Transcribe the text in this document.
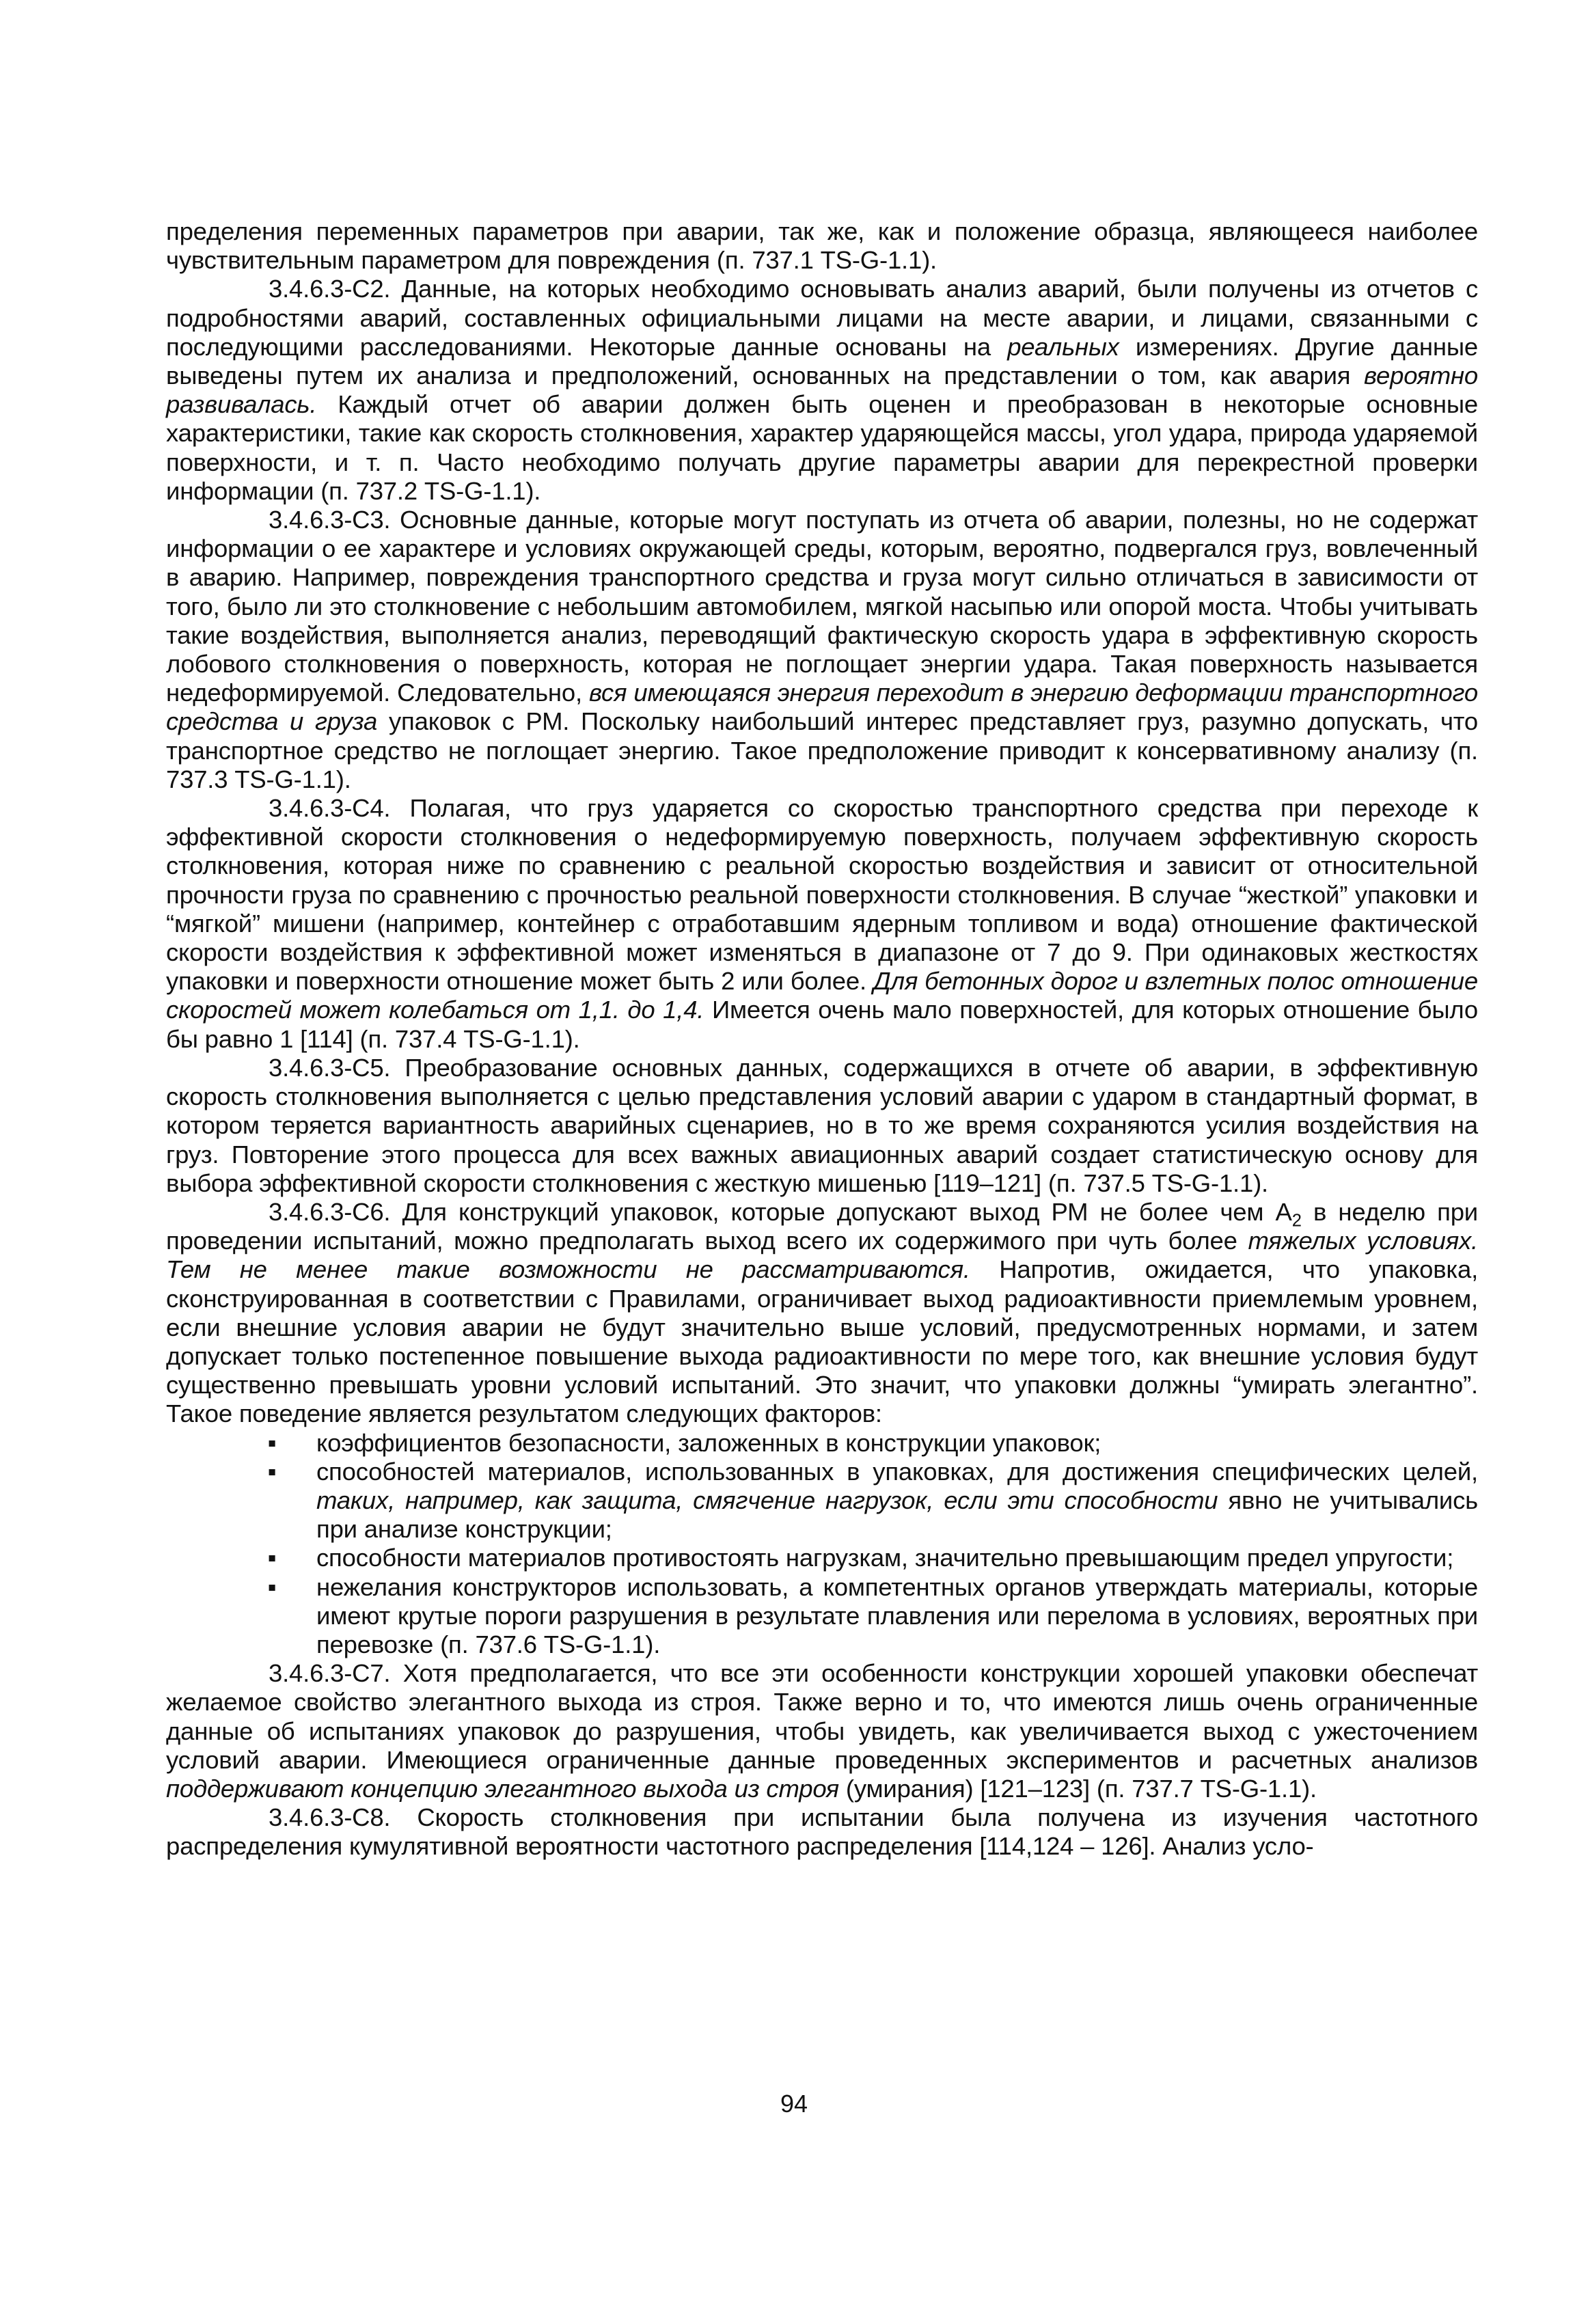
пределения переменных параметров при аварии, так же, как и положение образца, являющееся наиболее чувствительным параметром для повреждения (п. 737.1 TS-G-1.1).

3.4.6.3-С2. Данные, на которых необходимо основывать анализ аварий, были получены из отчетов с подробностями аварий, составленных официальными лицами на месте аварии, и лицами, связанными с последующими расследованиями. Некоторые данные основаны на реальных измерениях. Другие данные выведены путем их анализа и предположений, основанных на представлении о том, как авария вероятно развивалась. Каждый отчет об аварии должен быть оценен и преобразован в некоторые основные характеристики, такие как скорость столкновения, характер ударяющейся массы, угол удара, природа ударяемой поверхности, и т. п. Часто необходимо получать другие параметры аварии для перекрестной проверки информации (п. 737.2 TS-G-1.1).

3.4.6.3-С3. Основные данные, которые могут поступать из отчета об аварии, полезны, но не содержат информации о ее характере и условиях окружающей среды, которым, вероятно, подвергался груз, вовлеченный в аварию. Например, повреждения транспортного средства и груза могут сильно отличаться в зависимости от того, было ли это столкновение с небольшим автомобилем, мягкой насыпью или опорой моста. Чтобы учитывать такие воздействия, выполняется анализ, переводящий фактическую скорость удара в эффективную скорость лобового столкновения о поверхность, которая не поглощает энергии удара. Такая поверхность называется недеформируемой. Следовательно, вся имеющаяся энергия переходит в энергию деформации транспортного средства и груза упаковок с РМ. Поскольку наибольший интерес представляет груз, разумно допускать, что транспортное средство не поглощает энергию. Такое предположение приводит к консервативному анализу (п. 737.3 TS-G-1.1).

3.4.6.3-С4. Полагая, что груз ударяется со скоростью транспортного средства при переходе к эффективной скорости столкновения о недеформируемую поверхность, получаем эффективную скорость столкновения, которая ниже по сравнению с реальной скоростью воздействия и зависит от относительной прочности груза по сравнению с прочностью реальной поверхности столкновения. В случае “жесткой” упаковки и “мягкой” мишени (например, контейнер с отработавшим ядерным топливом и вода) отношение фактической скорости воздействия к эффективной может изменяться в диапазоне от 7 до 9. При одинаковых жесткостях упаковки и поверхности отношение может быть 2 или более. Для бетонных дорог и взлетных полос отношение скоростей может колебаться от 1,1. до 1,4. Имеется очень мало поверхностей, для которых отношение было бы равно 1 [114] (п. 737.4 TS-G-1.1).

3.4.6.3-С5. Преобразование основных данных, содержащихся в отчете об аварии, в эффективную скорость столкновения выполняется с целью представления условий аварии с ударом в стандартный формат, в котором теряется вариантность аварийных сценариев, но в то же время сохраняются усилия воздействия на груз. Повторение этого процесса для всех важных авиационных аварий создает статистическую основу для выбора эффективной скорости столкновения с жесткую мишенью [119–121] (п. 737.5 TS-G-1.1).

3.4.6.3-С6. Для конструкций упаковок, которые допускают выход РМ не более чем $А_2$ в неделю при проведении испытаний, можно предполагать выход всего их содержимого при чуть более тяжелых условиях. Тем не менее такие возможности не рассматриваются. Напротив, ожидается, что упаковка, сконструированная в соответствии с Правилами, ограничивает выход радиоактивности приемлемым уровнем, если внешние условия аварии не будут значительно выше условий, предусмотренных нормами, и затем допускает только постепенное повышение выхода радиоактивности по мере того, как внешние условия будут существенно превышать уровни условий испытаний. Это значит, что упаковки должны “умирать элегантно”. Такое поведение является результатом следующих факторов:

▪ коэффициентов безопасности, заложенных в конструкции упаковок;
▪ способностей материалов, использованных в упаковках, для достижения специфических целей, таких, например, как защита, смягчение нагрузок, если эти способности явно не учитывались при анализе конструкции;
▪ способности материалов противостоять нагрузкам, значительно превышающим предел упругости;
▪ нежелания конструкторов использовать, а компетентных органов утверждать материалы, которые имеют крутые пороги разрушения в результате плавления или перелома в условиях, вероятных при перевозке (п. 737.6 TS-G-1.1).

3.4.6.3-С7. Хотя предполагается, что все эти особенности конструкции хорошей упаковки обеспечат желаемое свойство элегантного выхода из строя. Также верно и то, что имеются лишь очень ограниченные данные об испытаниях упаковок до разрушения, чтобы увидеть, как увеличивается выход с ужесточением условий аварии. Имеющиеся ограниченные данные проведенных экспериментов и расчетных анализов поддерживают концепцию элегантного выхода из строя (умирания) [121–123] (п. 737.7 TS-G-1.1).

3.4.6.3-С8. Скорость столкновения при испытании была получена из изучения частотного распределения кумулятивной вероятности частотного распределения [114,124 – 126]. Анализ усло-

94
